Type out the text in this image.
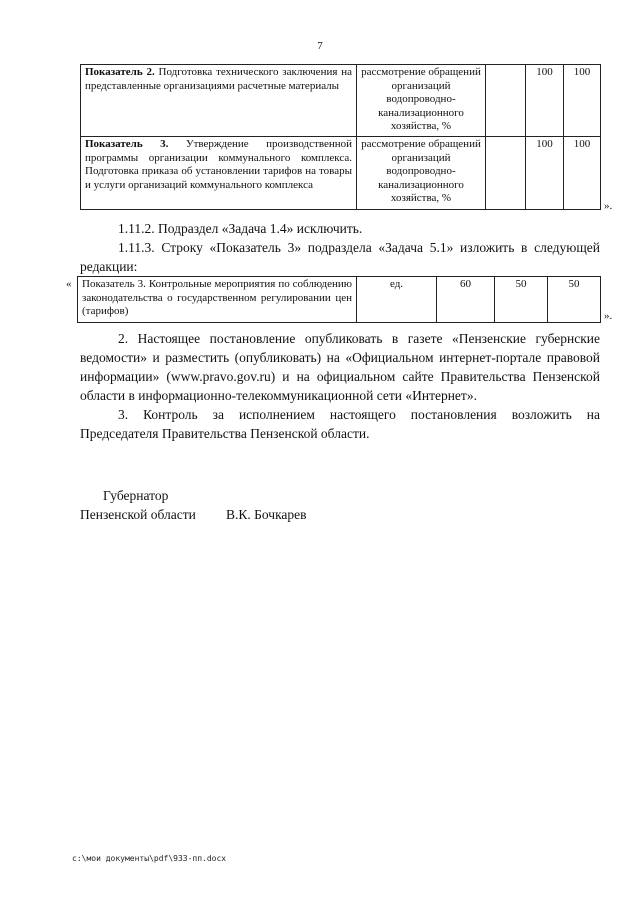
7
Показатель 2. Подготовка технического заключения на представленные организациями расчетные материалы	рассмотрение обращений организаций водопроводно-канализационного хозяйства, %		100	100
Показатель 3. Утверждение производственной программы организации коммунального комплекса. Подготовка приказа об установлении тарифов на товары и услуги организаций коммунального комплекса	рассмотрение обращений организаций водопроводно-канализационного хозяйства, %		100	100
».

1.11.2. Подраздел «Задача 1.4» исключить.

1.11.3. Строку «Показатель 3» подраздела «Задача 5.1» изложить в следующей редакции:

« Показатель 3. Контрольные мероприятия по соблюдению законодательства о государственном регулировании цен (тарифов)	ед.	60	50	50
».

2. Настоящее постановление опубликовать в газете «Пензенские губернские ведомости» и разместить (опубликовать) на «Официальном интернет-портале правовой информации» (www.pravo.gov.ru) и на официальном сайте Правительства Пензенской области в информационно-телекоммуникационной сети «Интернет».

3. Контроль за исполнением настоящего постановления возложить на Председателя Правительства Пензенской области.

Губернатор
Пензенской области В.К. Бочкарев
c:\мои документы\pdf\933-пп.docx
